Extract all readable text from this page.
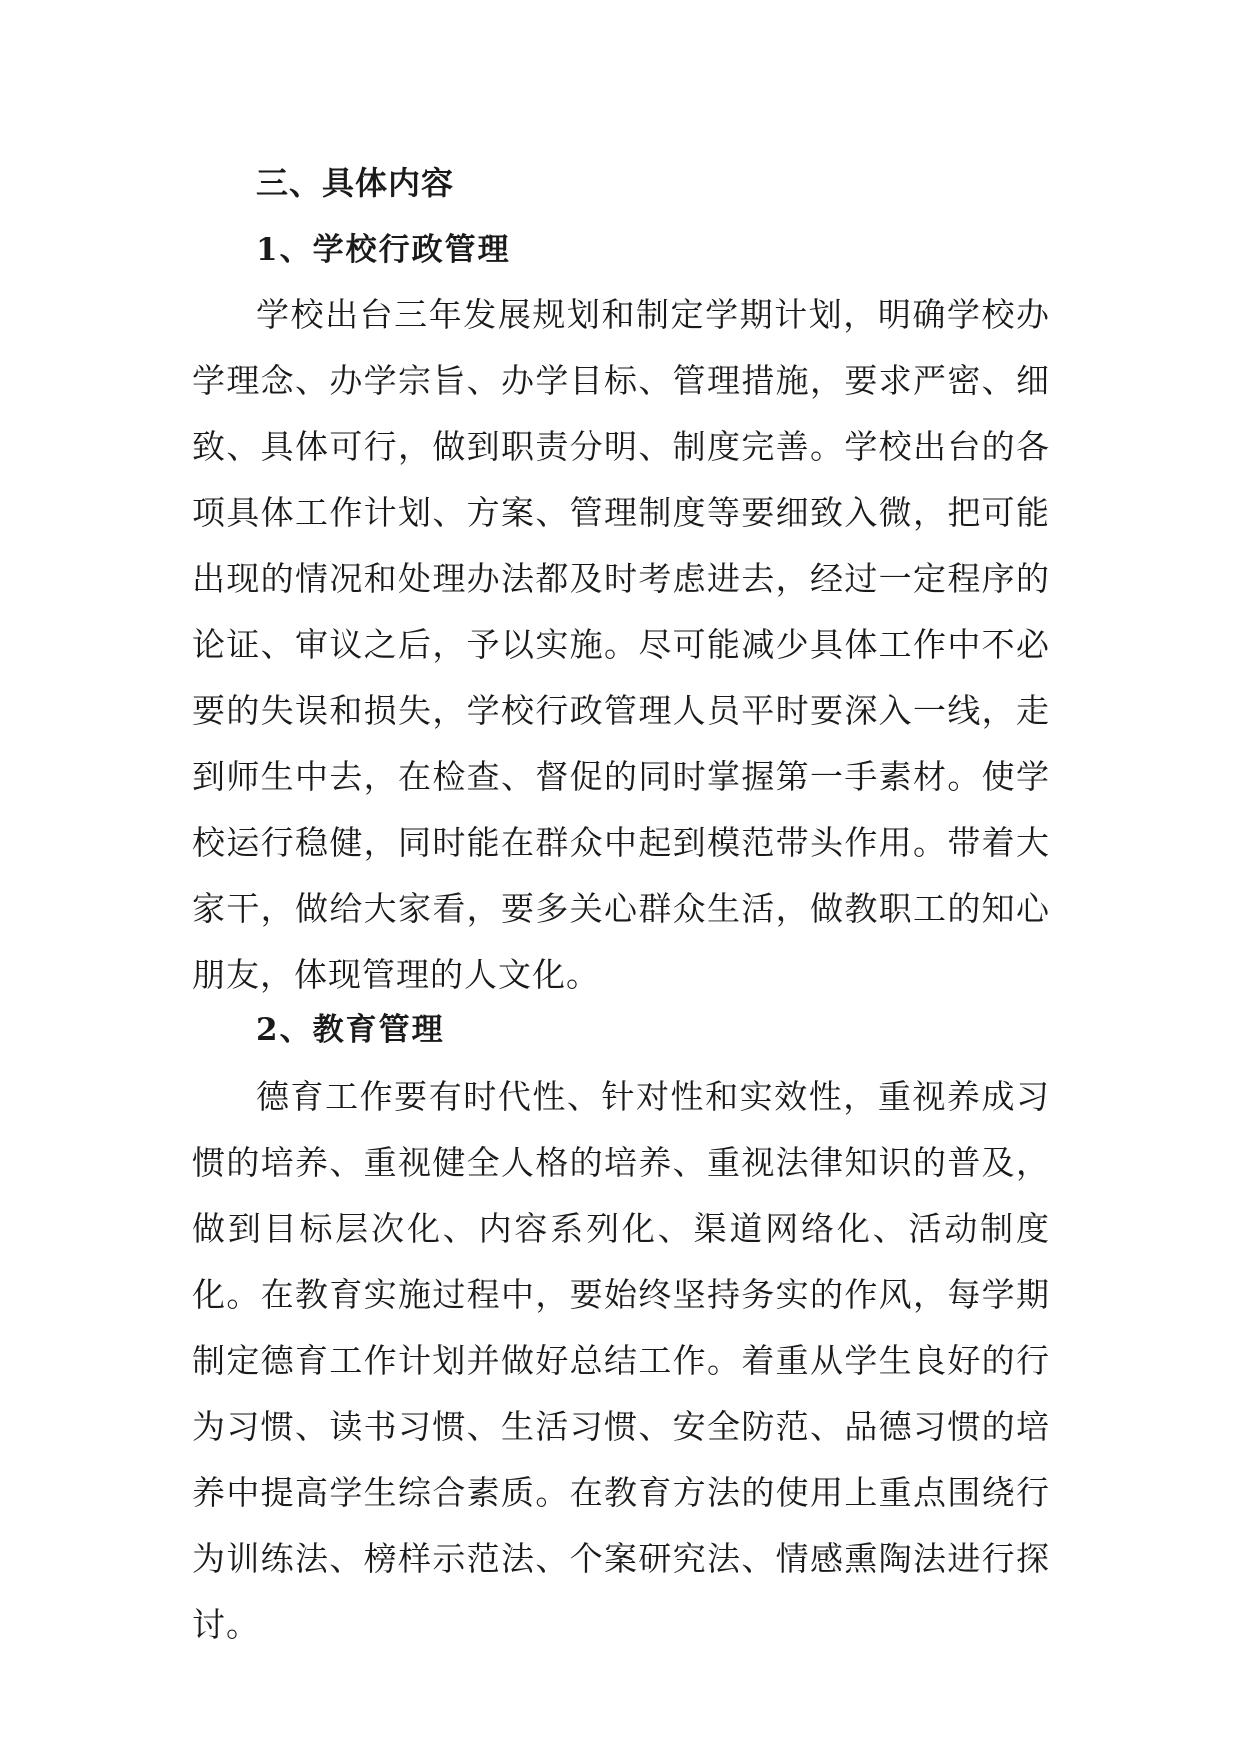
三、具体内容
1、学校行政管理

学校出台三年发展规划和制定学期计划，明确学校办学理念、办学宗旨、办学目标、管理措施，要求严密、细致、具体可行，做到职责分明、制度完善。学校出台的各项具体工作计划、方案、管理制度等要细致入微，把可能出现的情况和处理办法都及时考虑进去，经过一定程序的论证、审议之后，予以实施。尽可能减少具体工作中不必要的失误和损失，学校行政管理人员平时要深入一线，走到师生中去，在检查、督促的同时掌握第一手素材。使学校运行稳健，同时能在群众中起到模范带头作用。带着大家干，做给大家看，要多关心群众生活，做教职工的知心朋友，体现管理的人文化。

2、教育管理

德育工作要有时代性、针对性和实效性，重视养成习惯的培养、重视健全人格的培养、重视法律知识的普及，做到目标层次化、内容系列化、渠道网络化、活动制度化。在教育实施过程中，要始终坚持务实的作风，每学期制定德育工作计划并做好总结工作。着重从学生良好的行为习惯、读书习惯、生活习惯、安全防范、品德习惯的培养中提高学生综合素质。在教育方法的使用上重点围绕行为训练法、榜样示范法、个案研究法、情感熏陶法进行探讨。
